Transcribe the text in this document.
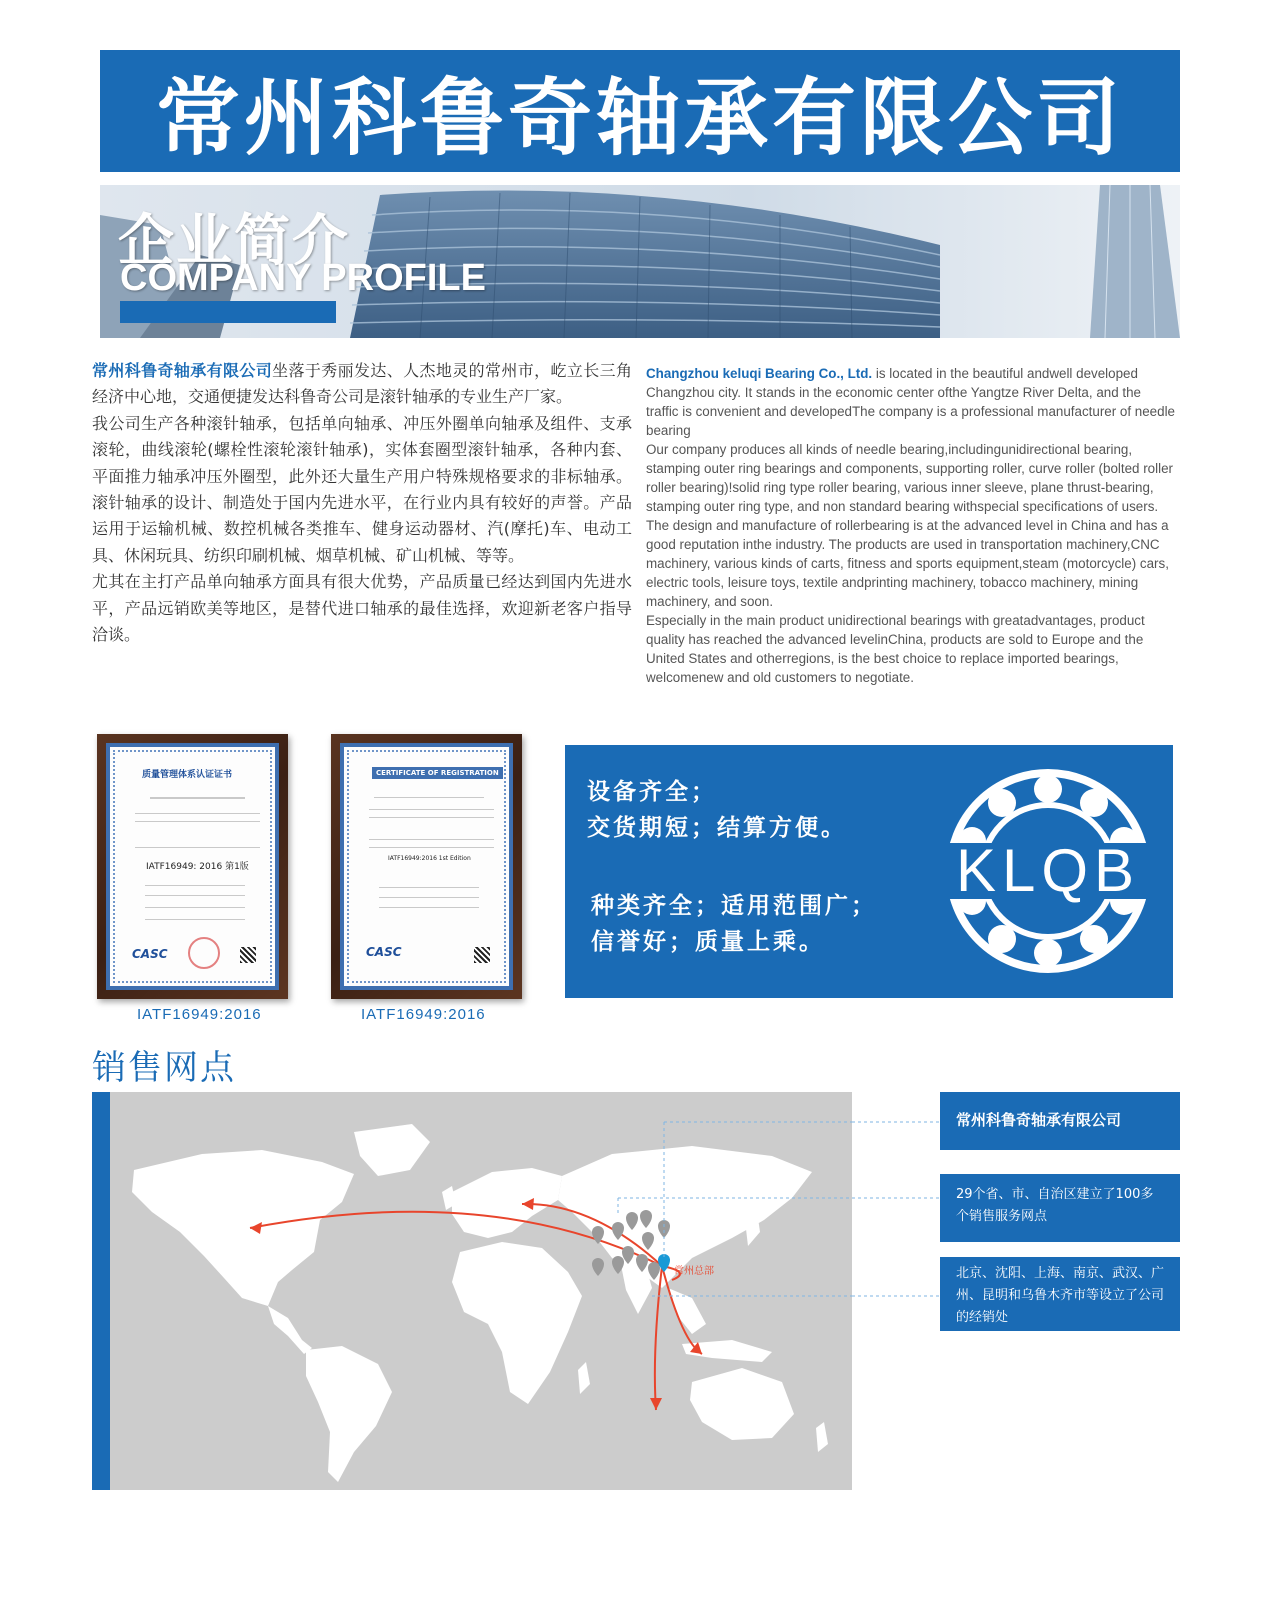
常州科鲁奇轴承有限公司
企业简介
COMPANY PROFILE

常州科鲁奇轴承有限公司坐落于秀丽发达、人杰地灵的常州市，屹立长三角经济中心地，交通便捷发达科鲁奇公司是滚针轴承的专业生产厂家。

我公司生产各种滚针轴承，包括单向轴承、冲压外圈单向轴承及组件、支承滚轮，曲线滚轮(螺栓性滚轮滚针轴承)，实体套圈型滚针轴承，各种内套、平面推力轴承冲压外圈型，此外还大量生产用户特殊规格要求的非标轴承。滚针轴承的设计、制造处于国内先进水平，在行业内具有较好的声誉。产品运用于运输机械、数控机械各类推车、健身运动器材、汽(摩托)车、电动工具、休闲玩具、纺织印刷机械、烟草机械、矿山机械、等等。

尤其在主打产品单向轴承方面具有很大优势，产品质量已经达到国内先进水平，产品远销欧美等地区，是替代进口轴承的最佳选择，欢迎新老客户指导洽谈。

Changzhou keluqi Bearing Co., Ltd. is located in the beautiful andwell developed Changzhou city. It stands in the economic center ofthe Yangtze River Delta, and the traffic is convenient and developedThe company is a professional manufacturer of needle bearing

Our company produces all kinds of needle bearing,includingunidirectional bearing, stamping outer ring bearings and components, supporting roller, curve roller (bolted roller roller bearing)!solid ring type roller bearing, various inner sleeve, plane thrust-bearing, stamping outer ring type, and non standard bearing withspecial specifications of users. The design and manufacture of rollerbearing is at the advanced level in China and has a good reputation inthe industry. The products are used in transportation machinery,CNC machinery, various kinds of carts, fitness and sports equipment,steam (motorcycle) cars, electric tools, leisure toys, textile andprinting machinery, tobacco machinery, mining machinery, and soon.

Especially in the main product unidirectional bearings with greatadvantages, product quality has reached the advanced levelinChina, products are sold to Europe and the United States and otherregions, is the best choice to replace imported bearings, welcomenew and old customers to negotiate.

质量管理体系认证证书
IATF16949: 2016 第1版
CASC
IATF16949:2016
CERTIFICATE OF REGISTRATION
IATF16949:2016 1st Edition
CASC
IATF16949:2016
设备齐全；
交货期短；结算方便。
种类齐全；适用范围广；
信誉好；质量上乘。
KLQB
销售网点
常州总部
常州科鲁奇轴承有限公司
29个省、市、自治区建立了100多个销售服务网点
北京、沈阳、上海、南京、武汉、广州、昆明和乌鲁木齐市等设立了公司的经销处
